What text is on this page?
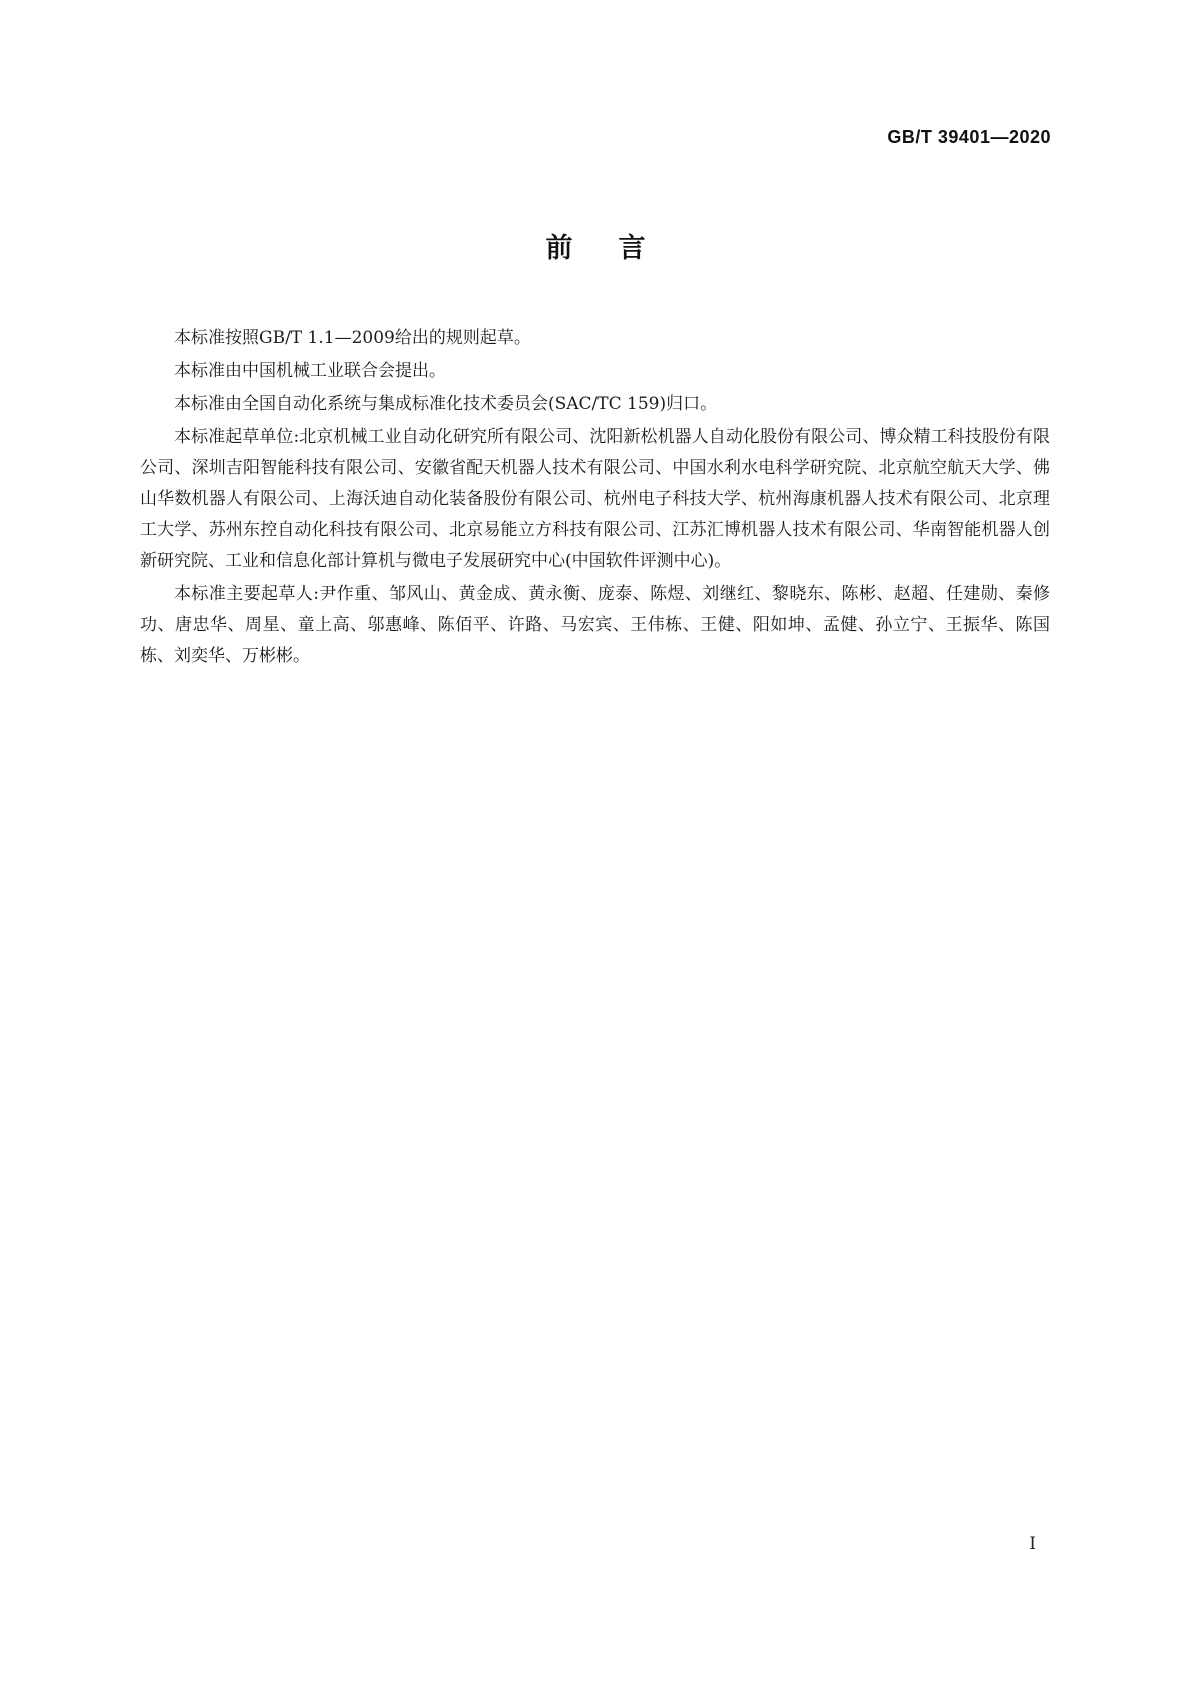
GB/T 39401—2020
前言

本标准按照GB/T 1.1—2009给出的规则起草。

本标准由中国机械工业联合会提出。

本标准由全国自动化系统与集成标准化技术委员会(SAC/TC 159)归口。

本标准起草单位:北京机械工业自动化研究所有限公司、沈阳新松机器人自动化股份有限公司、博众精工科技股份有限公司、深圳吉阳智能科技有限公司、安徽省配天机器人技术有限公司、中国水利水电科学研究院、北京航空航天大学、佛山华数机器人有限公司、上海沃迪自动化装备股份有限公司、杭州电子科技大学、杭州海康机器人技术有限公司、北京理工大学、苏州东控自动化科技有限公司、北京易能立方科技有限公司、江苏汇博机器人技术有限公司、华南智能机器人创新研究院、工业和信息化部计算机与微电子发展研究中心(中国软件评测中心)。

本标准主要起草人:尹作重、邹风山、黄金成、黄永衡、庞泰、陈煜、刘继红、黎晓东、陈彬、赵超、任建勋、秦修功、唐忠华、周星、童上高、邬惠峰、陈佰平、许路、马宏宾、王伟栋、王健、阳如坤、孟健、孙立宁、王振华、陈国栋、刘奕华、万彬彬。

I
